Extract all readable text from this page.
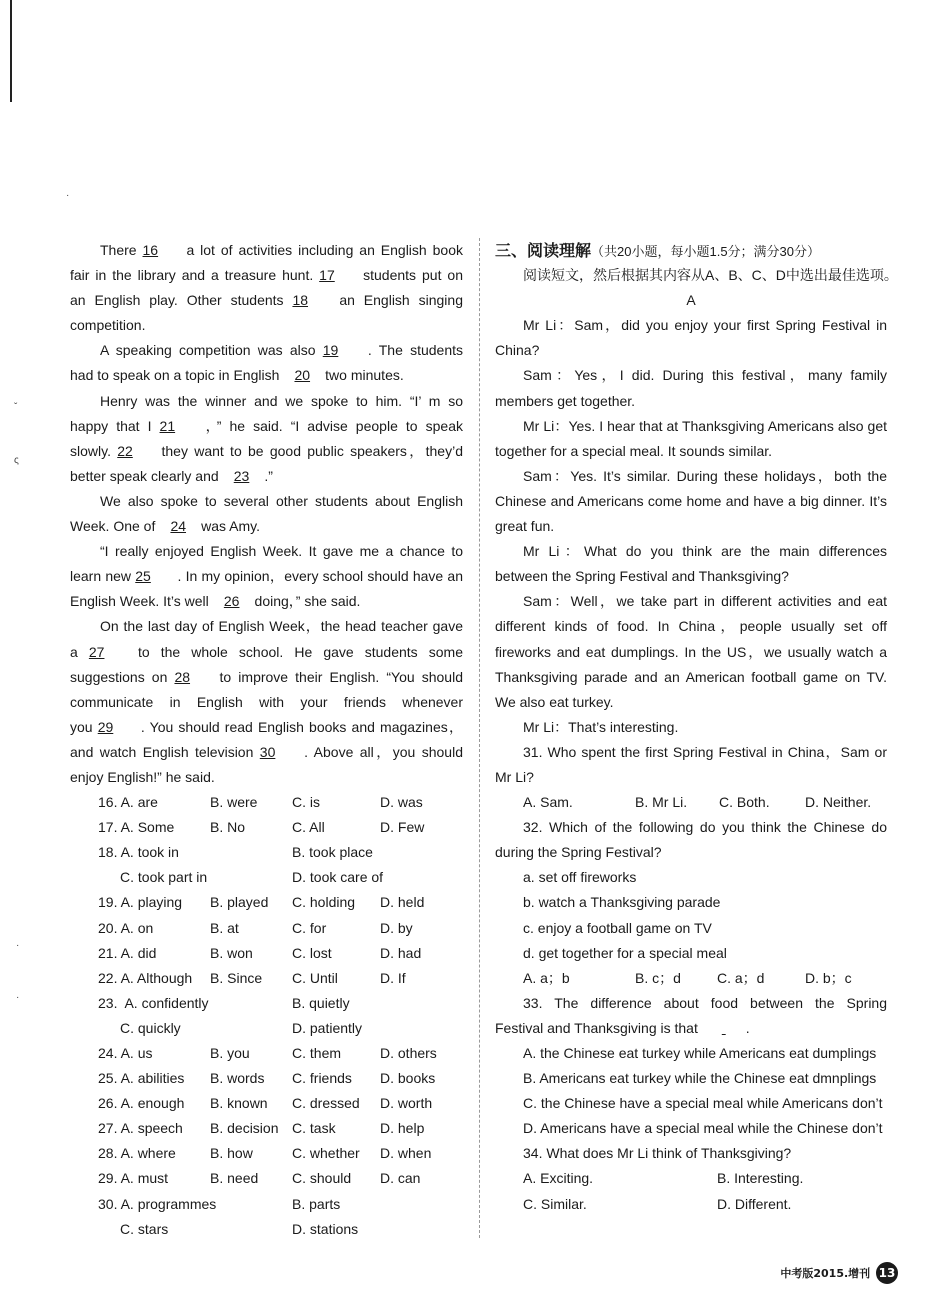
·
ˇ
ς
·
·
There 16 a lot of activities including an English book
fair in the library and a treasure hunt. 17 students put on
an English play. Other students 18 an English singing
competition.
A speaking competition was also 19 . The students
had to speak on a topic in English 20 two minutes.
Henry was the winner and we spoke to him. “I’ m so
happy that I 21 ，” he said. “I advise people to speak
slowly. 22 they want to be good public speakers，they’d
better speak clearly and 23 .”
We also spoke to several other students about English
Week. One of 24 was Amy.
“I really enjoyed English Week. It gave me a chance to
learn new 25 . In my opinion，every school should have an
English Week. It’s well 26 doing，” she said.
On the last day of English Week，the head teacher gave
a 27 to the whole school. He gave students some
suggestions on 28 to improve their English. “You should
communicate in English with your friends whenever
you 29 . You should read English books and magazines，
and watch English television 30 . Above all，you should
enjoy English!” he said.
16. A. are	B. were C. is	D. was
17. A. Some	B. No	C. All	D. Few
18. A. took in	B. took place
C. took part in	D. took care of
19. A. playing B. played C. holding D. held
20. A. on	B. at	C. for	D. by
21. A. did	B. won	C. lost	D. had
22. A. Although B. Since C. Until	D. If
23.  A. confidently	B. quietly
C. quickly	D. patiently
24. A. us	B. you	C. them	D. others
25. A. abilities B. words C. friends D. books
26. A. enough B. known C. dressed D. worth
27. A. speech B. decision C. task	D. help
28. A. where B. how	C. whether D. when
29. A. must	B. need C. should D. can
30. A. programmes	B. parts
C. stars	D. stations
三、阅读理解（共20小题，每小题1.5分；满分30分）
阅读短文，然后根据其内容从A、B、C、D中选出最佳选项。
A
Mr Li：Sam，did you enjoy your first Spring Festival in
China?
Sam：Yes，I did. During this festival，many family
members get together.
Mr Li：Yes. I hear that at Thanksgiving Americans also get
together for a special meal. It sounds similar.
Sam：Yes. It’s similar. During these holidays，both the
Chinese and Americans come home and have a big dinner. It’s
great fun.
Mr Li：What do you think are the main differences
between the Spring Festival and Thanksgiving?
Sam：Well，we take part in different activities and eat
different kinds of food. In China，people usually set off
fireworks and eat dumplings. In the US，we usually watch a
Thanksgiving parade and an American football game on TV.
We also eat turkey.
Mr Li：That’s interesting.
31. Who spent the first Spring Festival in China，Sam or
Mr Li?
A. Sam.	B. Mr Li. C. Both.	D. Neither.
32. Which of the following do you think the Chinese do
during the Spring Festival?
a. set off fireworks
b. watch a Thanksgiving parade
c. enjoy a football game on TV
d. get together for a special meal
A. a；b	B. c；d	C. a；d	D. b；c
33. The difference about food between the Spring
Festival and Thanksgiving is that	.
A. the Chinese eat turkey while Americans eat dumplings
B. Americans eat turkey while the Chinese eat dmnplings
C. the Chinese have a special meal while Americans don’t
D. Americans have a special meal while the Chinese don’t
34. What does Mr Li think of Thanksgiving?
A. Exciting.	B. Interesting.
C. Similar.	D. Different.
中考版2015.增刊 13
